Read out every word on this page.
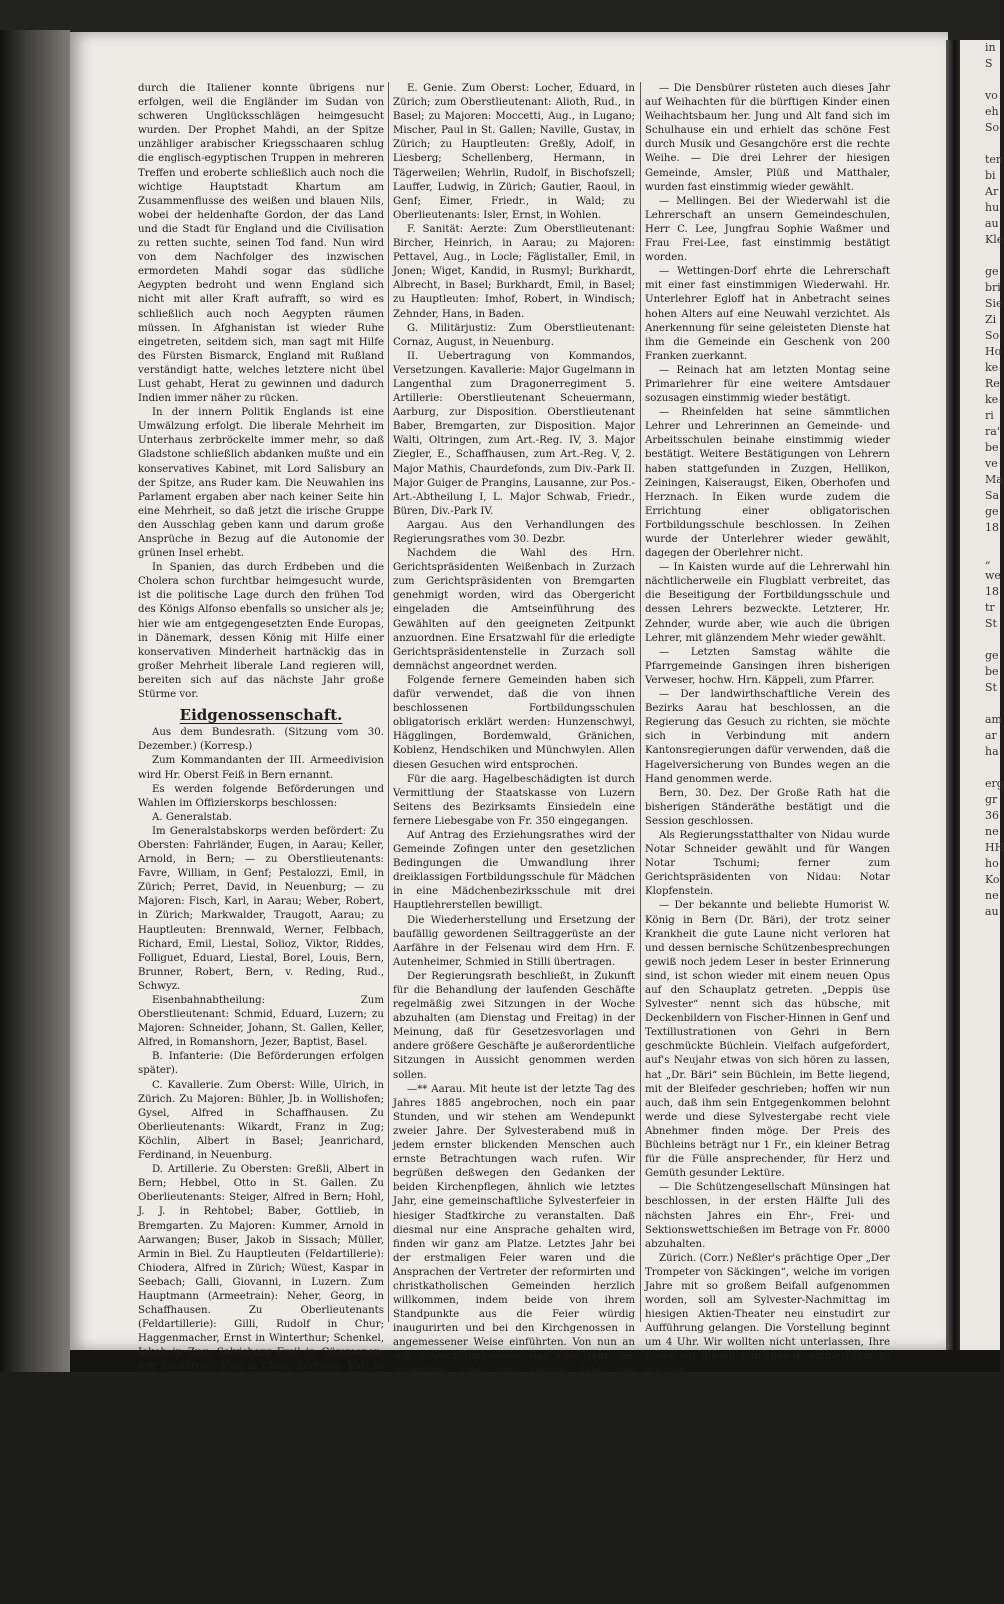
in
S

vo
eh
So

ten
bi
Ar
hu
au
Kle

ge
bri
Sie
Zi
So
Ho
ke
Re
ke
ri
ra'
be
ve
Ma
Sa
ge
18

„
we
18
tr
St

ge
be
St

am
ar
ha

erg
gr
36
ne
HH
ho
Ko
ne
au

durch die Italiener konnte übrigens nur erfolgen, weil die Engländer im Sudan von schweren Unglücksschlägen heimgesucht wurden. Der Prophet Mahdi, an der Spitze unzähliger arabischer Kriegsschaaren schlug die englisch-egyptischen Truppen in mehreren Treffen und eroberte schließlich auch noch die wichtige Hauptstadt Khartum am Zusammenflusse des weißen und blauen Nils, wobei der heldenhafte Gordon, der das Land und die Stadt für England und die Civilisation zu retten suchte, seinen Tod fand. Nun wird von dem Nachfolger des inzwischen ermordeten Mahdi sogar das südliche Aegypten bedroht und wenn England sich nicht mit aller Kraft aufrafft, so wird es schließlich auch noch Aegypten räumen müssen. In Afghanistan ist wieder Ruhe eingetreten, seitdem sich, man sagt mit Hilfe des Fürsten Bismarck, England mit Rußland verständigt hatte, welches letztere nicht übel Lust gehabt, Herat zu gewinnen und dadurch Indien immer näher zu rücken.

In der innern Politik Englands ist eine Umwälzung erfolgt. Die liberale Mehrheit im Unterhaus zerbröckelte immer mehr, so daß Gladstone schließlich abdanken mußte und ein konservatives Kabinet, mit Lord Salisbury an der Spitze, ans Ruder kam. Die Neuwahlen ins Parlament ergaben aber nach keiner Seite hin eine Mehrheit, so daß jetzt die irische Gruppe den Ausschlag geben kann und darum große Ansprüche in Bezug auf die Autonomie der grünen Insel erhebt.

In Spanien, das durch Erdbeben und die Cholera schon furchtbar heimgesucht wurde, ist die politische Lage durch den frühen Tod des Königs Alfonso ebenfalls so unsicher als je; hier wie am entgegengesetzten Ende Europas, in Dänemark, dessen König mit Hilfe einer konservativen Minderheit hartnäckig das in großer Mehrheit liberale Land regieren will, bereiten sich auf das nächste Jahr große Stürme vor.

Eidgenossenschaft.

Aus dem Bundesrath. (Sitzung vom 30. Dezember.) (Korresp.)

Zum Kommandanten der III. Armeedivision wird Hr. Oberst Feiß in Bern ernannt.

Es werden folgende Beförderungen und Wahlen im Offizierskorps beschlossen:

A. Generalstab.

Im Generalstabskorps werden befördert: Zu Obersten: Fahrländer, Eugen, in Aarau; Keller, Arnold, in Bern; — zu Oberstlieutenants: Favre, William, in Genf; Pestalozzi, Emil, in Zürich; Perret, David, in Neuenburg; — zu Majoren: Fisch, Karl, in Aarau; Weber, Robert, in Zürich; Markwalder, Traugott, Aarau; zu Hauptleuten: Brennwald, Werner, Felbbach, Richard, Emil, Liestal, Solioz, Viktor, Riddes, Folliguet, Eduard, Liestal, Borel, Louis, Bern, Brunner, Robert, Bern, v. Reding, Rud., Schwyz.

Eisenbahnabtheilung: Zum Oberstlieutenant: Schmid, Eduard, Luzern; zu Majoren: Schneider, Johann, St. Gallen, Keller, Alfred, in Romanshorn, Jezer, Baptist, Basel.

B. Infanterie: (Die Beförderungen erfolgen später).

C. Kavallerie. Zum Oberst: Wille, Ulrich, in Zürich. Zu Majoren: Bühler, Jb. in Wollishofen; Gysel, Alfred in Schaffhausen. Zu Oberlieutenants: Wikardt, Franz in Zug; Köchlin, Albert in Basel; Jeanrichard, Ferdinand, in Neuenburg.

D. Artillerie. Zu Obersten: Greßli, Albert in Bern; Hebbel, Otto in St. Gallen. Zu Oberlieutenants: Steiger, Alfred in Bern; Hohl, J. J. in Rehtobel; Baber, Gottlieb, in Bremgarten. Zu Majoren: Kummer, Arnold in Aarwangen; Buser, Jakob in Sissach; Müller, Armin in Biel. Zu Hauptleuten (Feldartillerie): Chiodera, Alfred in Zürich; Wüest, Kaspar in Seebach; Galli, Giovanni, in Luzern. Zum Hauptmann (Armeetrain): Neher, Georg, in Schaffhausen. Zu Oberlieutenants (Feldartillerie): Gilli, Rudolf in Chur; Haggenmacher, Ernst in Winterthur; Schenkel, Jakob in Zug; Salvisberg Emil in Gümmenen; von Tscharner, Max in Chur; Zurburg, Karl in Altstetten; Lüscher, Hans in Aarburg; Stoffel, Richard in Arbon; Baumgartner, Frank in St. Jean (Genf); Felix, Friedr. in Frauenfeld; Colomb, Arnold in St. Prez; Saß, Jose in Neuenburg. Feuerwerker: Grüebler, Albert in St. Gallen. Armeetrain: L'Plattenier, Anatole, in Lausanne; Wäber, Max in Bern; Witschi, Gottfried in Hindelbank; Fenny, Heinrich in Frauenfeld; Chapeley, Ignaz in Champéry. Zum Lieutenant (Armeetrain): Anderegg, Gottlieb in Oeitingen.

E. Genie. Zum Oberst: Locher, Eduard, in Zürich; zum Oberstlieutenant: Alioth, Rud., in Basel; zu Majoren: Moccetti, Aug., in Lugano; Mischer, Paul in St. Gallen; Naville, Gustav, in Zürich; zu Hauptleuten: Greßly, Adolf, in Liesberg; Schellenberg, Hermann, in Tägerweilen; Wehrlin, Rudolf, in Bischofszell; Lauffer, Ludwig, in Zürich; Gautier, Raoul, in Genf; Eimer, Friedr., in Wald; zu Oberlieutenants: Isler, Ernst, in Wohlen.

F. Sanität: Aerzte: Zum Oberstlieutenant: Bircher, Heinrich, in Aarau; zu Majoren: Pettavel, Aug., in Locle; Fäglistaller, Emil, in Jonen; Wiget, Kandid, in Rusmyl; Burkhardt, Albrecht, in Basel; Burkhardt, Emil, in Basel; zu Hauptleuten: Imhof, Robert, in Windisch; Zehnder, Hans, in Baden.

G. Militärjustiz: Zum Oberstlieutenant: Cornaz, August, in Neuenburg.

II. Uebertragung von Kommandos, Versetzungen. Kavallerie: Major Gugelmann in Langenthal zum Dragonerregiment 5. Artillerie: Oberstlieutenant Scheuermann, Aarburg, zur Disposition. Oberstlieutenant Baber, Bremgarten, zur Disposition. Major Walti, Oltringen, zum Art.-Reg. IV, 3. Major Ziegler, E., Schaffhausen, zum Art.-Reg. V, 2. Major Mathis, Chaurdefonds, zum Div.-Park II. Major Guiger de Prangins, Lausanne, zur Pos.-Art.-Abtheilung I, L. Major Schwab, Friedr., Büren, Div.-Park IV.

Aargau. Aus den Verhandlungen des Regierungsrathes vom 30. Dezbr.

Nachdem die Wahl des Hrn. Gerichtspräsidenten Weißenbach in Zurzach zum Gerichtspräsidenten von Bremgarten genehmigt worden, wird das Obergericht eingeladen die Amtseinführung des Gewählten auf den geeigneten Zeitpunkt anzuordnen. Eine Ersatzwahl für die erledigte Gerichtspräsidentenstelle in Zurzach soll demnächst angeordnet werden.

Folgende fernere Gemeinden haben sich dafür verwendet, daß die von ihnen beschlossenen Fortbildungsschulen obligatorisch erklärt werden: Hunzenschwyl, Hägglingen, Bordemwald, Gränichen, Koblenz, Hendschiken und Münchwylen. Allen diesen Gesuchen wird entsprochen.

Für die aarg. Hagelbeschädigten ist durch Vermittlung der Staatskasse von Luzern Seitens des Bezirksamts Einsiedeln eine fernere Liebesgabe von Fr. 350 eingegangen.

Auf Antrag des Erziehungsrathes wird der Gemeinde Zofingen unter den gesetzlichen Bedingungen die Umwandlung ihrer dreiklassigen Fortbildungsschule für Mädchen in eine Mädchenbezirksschule mit drei Hauptlehrerstellen bewilligt.

Die Wiederherstellung und Ersetzung der baufällig gewordenen Seiltraggerüste an der Aarfähre in der Felsenau wird dem Hrn. F. Autenheimer, Schmied in Stilli übertragen.

Der Regierungsrath beschließt, in Zukunft für die Behandlung der laufenden Geschäfte regelmäßig zwei Sitzungen in der Woche abzuhalten (am Dienstag und Freitag) in der Meinung, daß für Gesetzesvorlagen und andere größere Geschäfte je außerordentliche Sitzungen in Aussicht genommen werden sollen.

—** Aarau. Mit heute ist der letzte Tag des Jahres 1885 angebrochen, noch ein paar Stunden, und wir stehen am Wendepunkt zweier Jahre. Der Sylvesterabend muß in jedem ernster blickenden Menschen auch ernste Betrachtungen wach rufen. Wir begrüßen deßwegen den Gedanken der beiden Kirchenpflegen, ähnlich wie letztes Jahr, eine gemeinschaftliche Sylvesterfeier in hiesiger Stadtkirche zu veranstalten. Daß diesmal nur eine Ansprache gehalten wird, finden wir ganz am Platze. Letztes Jahr bei der erstmaligen Feier waren und die Ansprachen der Vertreter der reformirten und christkatholischen Gemeinden herzlich willkommen, indem beide von ihrem Standpunkte aus die Feier würdig inaugurirten und bei den Kirchgenossen in angemessener Weise einführten. Von nun an soll abwechslungsweise das eine Jahr der reformirte und das andere Jahr der christkatholische Geistliche der Sprecher der versammelten Kirchgenossen werden. Damit ist die Eintracht und das herzliche Einverständniß der beiden Gemeinden deutlich dokumentirt und der Feier die angemessene Kürze gewahrt. Wir zweifeln nicht daran, daß die Feier, verschönert durch musikalische Vorträge, die Kirchgenossen in großer Anzahl zur Andacht in der Kirche versammeln werde.

Gränichen. Die bish. Lehrer Weibel, Widmer J., Häfliger, Widmer G., Brunner und Suter wurden wieder gewählt. Neu wurde gewählt nurden Hr. J. Bolliger in Suhr, Gautschi auf Rütihof und die Arbeitslehrerin Frau Lehner.

— Die Densbürer rüsteten auch dieses Jahr auf Weihachten für die bürftigen Kinder einen Weihachtsbaum her. Jung und Alt fand sich im Schulhause ein und erhielt das schöne Fest durch Musik und Gesangchöre erst die rechte Weihe. — Die drei Lehrer der hiesigen Gemeinde, Amsler, Plüß und Matthaler, wurden fast einstimmig wieder gewählt.

— Mellingen. Bei der Wiederwahl ist die Lehrerschaft an unsern Gemeindeschulen, Herr C. Lee, Jungfrau Sophie Waßmer und Frau Frei-Lee, fast einstimmig bestätigt worden.

— Wettingen-Dorf ehrte die Lehrerschaft mit einer fast einstimmigen Wiederwahl. Hr. Unterlehrer Egloff hat in Anbetracht seines hohen Alters auf eine Neuwahl verzichtet. Als Anerkennung für seine geleisteten Dienste hat ihm die Gemeinde ein Geschenk von 200 Franken zuerkannt.

— Reinach hat am letzten Montag seine Primarlehrer für eine weitere Amtsdauer sozusagen einstimmig wieder bestätigt.

— Rheinfelden hat seine sämmtlichen Lehrer und Lehrerinnen an Gemeinde- und Arbeitsschulen beinahe einstimmig wieder bestätigt. Weitere Bestätigungen von Lehrern haben stattgefunden in Zuzgen, Hellikon, Zeiningen, Kaiseraugst, Eiken, Oberhofen und Herznach. In Eiken wurde zudem die Errichtung einer obligatorischen Fortbildungsschule beschlossen. In Zeihen wurde der Unterlehrer wieder gewählt, dagegen der Oberlehrer nicht.

— In Kaisten wurde auf die Lehrerwahl hin nächtlicherweile ein Flugblatt verbreitet, das die Beseitigung der Fortbildungsschule und dessen Lehrers bezweckte. Letzterer, Hr. Zehnder, wurde aber, wie auch die übrigen Lehrer, mit glänzendem Mehr wieder gewählt.

— Letzten Samstag wählte die Pfarrgemeinde Gansingen ihren bisherigen Verweser, hochw. Hrn. Käppeli, zum Pfarrer.

— Der landwirthschaftliche Verein des Bezirks Aarau hat beschlossen, an die Regierung das Gesuch zu richten, sie möchte sich in Verbindung mit andern Kantonsregierungen dafür verwenden, daß die Hagelversicherung von Bundes wegen an die Hand genommen werde.

Bern, 30. Dez. Der Große Rath hat die bisherigen Ständeräthe bestätigt und die Session geschlossen.

Als Regierungsstatthalter von Nidau wurde Notar Schneider gewählt und für Wangen Notar Tschumi; ferner zum Gerichtspräsidenten von Nidau: Notar Klopfenstein.

— Der bekannte und beliebte Humorist W. König in Bern (Dr. Bäri), der trotz seiner Krankheit die gute Laune nicht verloren hat und dessen bernische Schützenbesprechungen gewiß noch jedem Leser in bester Erinnerung sind, ist schon wieder mit einem neuen Opus auf den Schauplatz getreten. „Deppis üse Sylvester“ nennt sich das hübsche, mit Deckenbildern von Fischer-Hinnen in Genf und Textillustrationen von Gehri in Bern geschmückte Büchlein. Vielfach aufgefordert, auf's Neujahr etwas von sich hören zu lassen, hat „Dr. Bäri“ sein Büchlein, im Bette liegend, mit der Bleifeder geschrieben; hoffen wir nun auch, daß ihm sein Entgegenkommen belohnt werde und diese Sylvestergabe recht viele Abnehmer finden möge. Der Preis des Büchleins beträgt nur 1 Fr., ein kleiner Betrag für die Fülle ansprechender, für Herz und Gemüth gesunder Lektüre.

— Die Schützengesellschaft Münsingen hat beschlossen, in der ersten Hälfte Juli des nächsten Jahres ein Ehr-, Frei- und Sektionswettschießen im Betrage von Fr. 8000 abzuhalten.

Zürich. (Corr.) Neßler's prächtige Oper „Der Trompeter von Säckingen“, welche im vorigen Jahre mit so großem Beifall aufgenommen worden, soll am Sylvester-Nachmittag im hiesigen Aktien-Theater neu einstudirt zur Aufführung gelangen. Die Vorstellung beginnt um 4 Uhr. Wir wollten nicht unterlassen, Ihre Leser auf diesen Kunstgenuß aufmerksam zu machen.

— Herr Seidenfabrikant Schwarzenbach-Landis in Thalweil soll in Nordamerika eine große Seidenstoffweberei errichtet haben und die Firma HH. Bodmer und Hürlimann in Ottenbach ein gleiches zu thun gewillt sein.

Luzern. Eine englische Gesellschaft hat der Regierung ein Projekt über Erstellung eines über 200 Meter in den See hinausführenden Steges (Pier) zur Genehmigung vorgelegt. Derselbe soll in der Gegend des Tivoli erbaut und an seinem äußersten Ende durch einen Pavillon
